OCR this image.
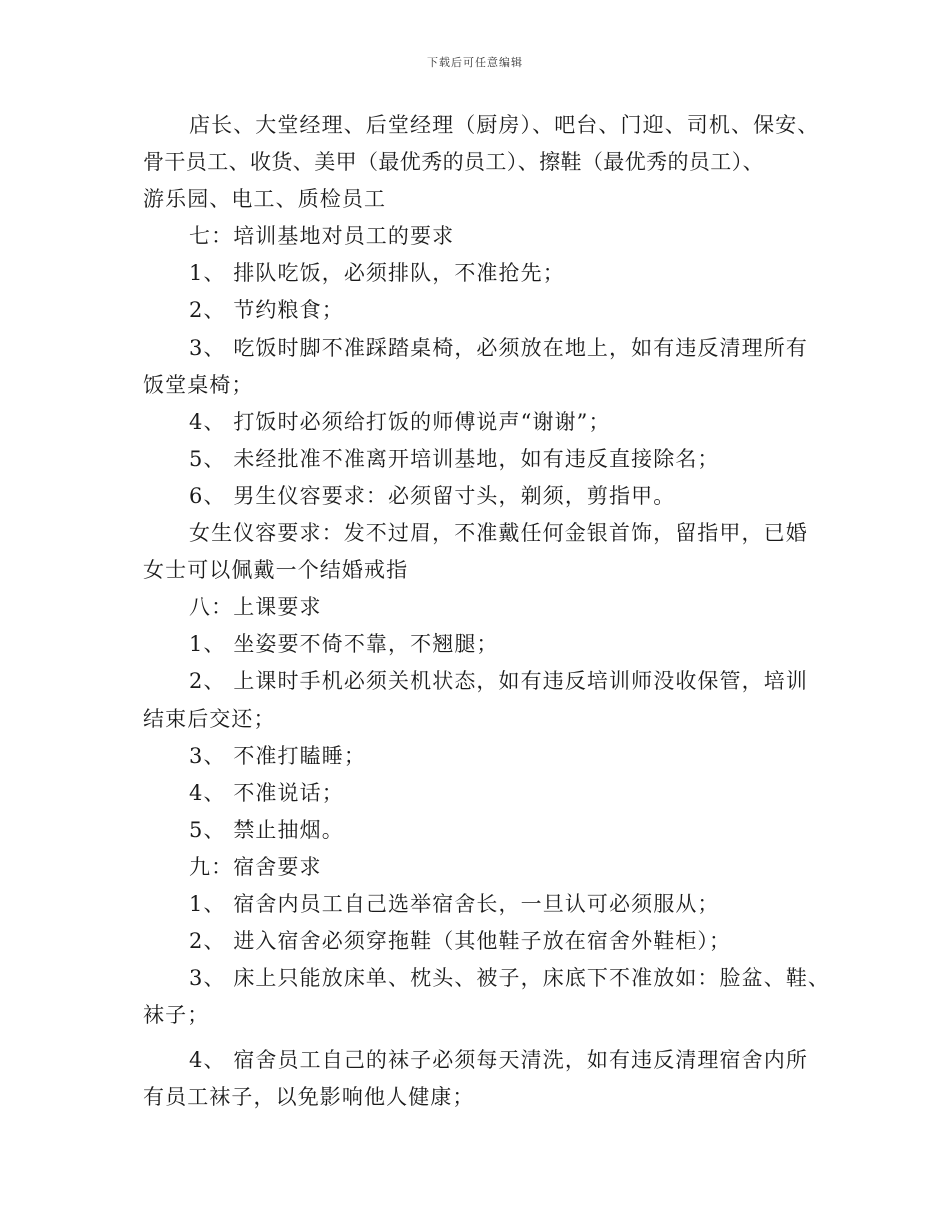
下载后可任意编辑
店长、大堂经理、后堂经理（厨房）、吧台、门迎、司机、保安、
骨干员工、收货、美甲（最优秀的员工）、擦鞋（最优秀的员工）、
游乐园、电工、质检员工
七：培训基地对员工的要求
1、 排队吃饭，必须排队，不准抢先；
2、 节约粮食；
3、 吃饭时脚不准踩踏桌椅，必须放在地上，如有违反清理所有
饭堂桌椅；
4、 打饭时必须给打饭的师傅说声“谢谢”；
5、 未经批准不准离开培训基地，如有违反直接除名；
6、 男生仪容要求：必须留寸头，剃须，剪指甲。
女生仪容要求：发不过眉，不准戴任何金银首饰，留指甲，已婚
女士可以佩戴一个结婚戒指
八：上课要求
1、 坐姿要不倚不靠，不翘腿；
2、 上课时手机必须关机状态，如有违反培训师没收保管，培训
结束后交还；
3、 不准打瞌睡；
4、 不准说话；
5、 禁止抽烟。
九：宿舍要求
1、 宿舍内员工自己选举宿舍长，一旦认可必须服从；
2、 进入宿舍必须穿拖鞋（其他鞋子放在宿舍外鞋柜）；
3、 床上只能放床单、枕头、被子，床底下不准放如：脸盆、鞋、
袜子；
4、 宿舍员工自己的袜子必须每天清洗，如有违反清理宿舍内所
有员工袜子，以免影响他人健康；
